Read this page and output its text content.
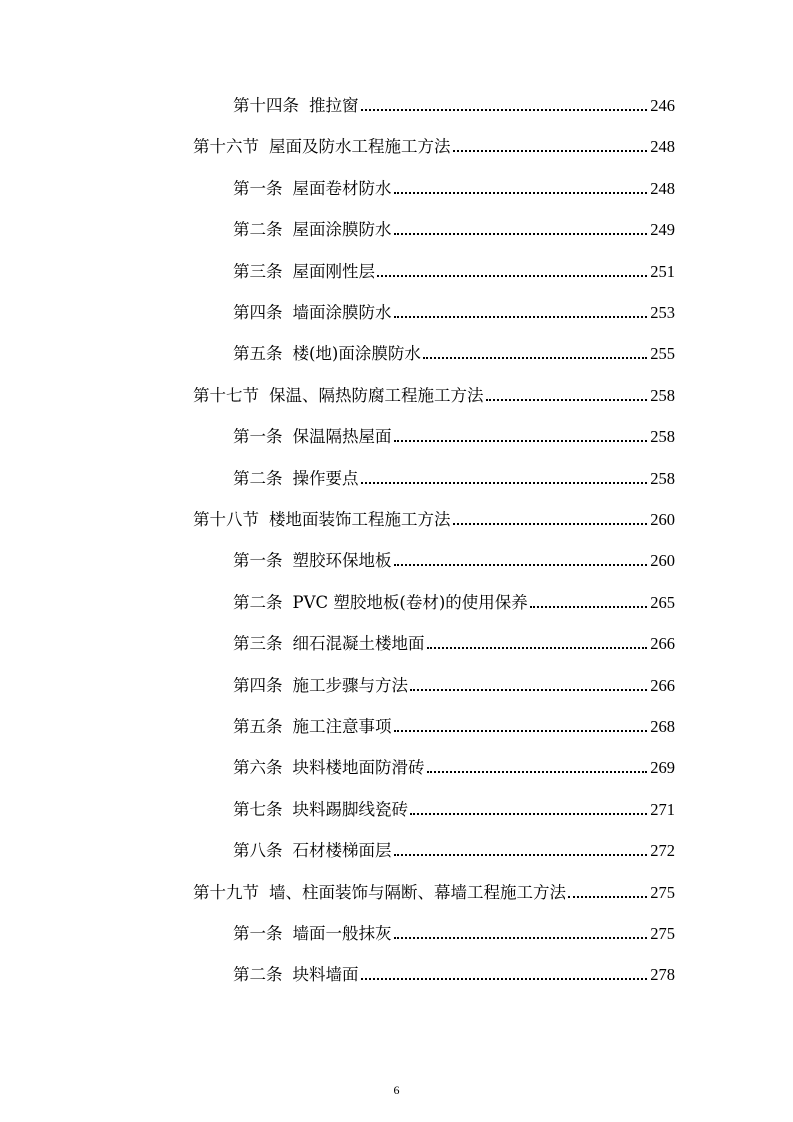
第十四条 推拉窗	246
第十六节 屋面及防水工程施工方法	248
第一条 屋面卷材防水	248
第二条 屋面涂膜防水	249
第三条 屋面刚性层	251
第四条 墙面涂膜防水	253
第五条 楼(地)面涂膜防水	255
第十七节 保温、隔热防腐工程施工方法	258
第一条 保温隔热屋面	258
第二条 操作要点	258
第十八节 楼地面装饰工程施工方法	260
第一条 塑胶环保地板	260
第二条 PVC 塑胶地板(卷材)的使用保养	265
第三条 细石混凝土楼地面	266
第四条 施工步骤与方法	266
第五条 施工注意事项	268
第六条 块料楼地面防滑砖	269
第七条 块料踢脚线瓷砖	271
第八条 石材楼梯面层	272
第十九节 墙、柱面装饰与隔断、幕墙工程施工方法	275
第一条 墙面一般抹灰	275
第二条 块料墙面	278
6
